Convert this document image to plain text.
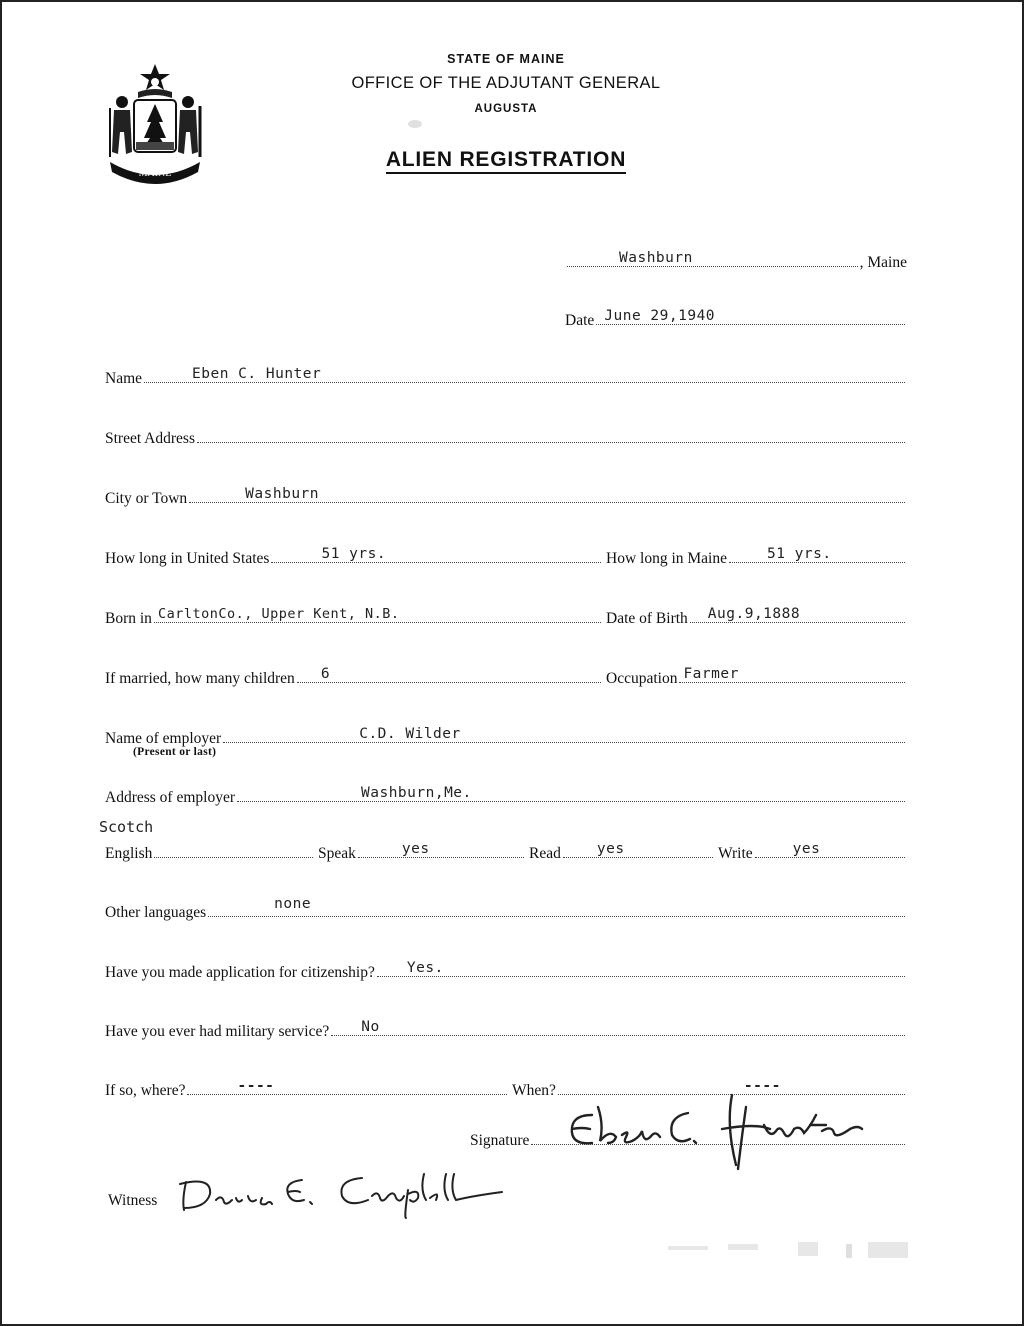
MAINE
STATE OF MAINE
OFFICE OF THE ADJUTANT GENERAL
AUGUSTA
ALIEN REGISTRATION
Washburn	, Maine
Date June 29,1940
Name	Eben C. Hunter
Street Address
City or Town	Washburn
How long in United States	51 yrs.	How long in Maine	51 yrs.
Born in CarltonCo., Upper Kent, N.B.	Date of Birth Aug.9,1888
If married, how many children 6	Occupation Farmer
Name of employer	C.D. Wilder
(Present or last)
Address of employer	Washburn,Me.
Scotch
English	Speak	yes	Read yes	Write	yes
Other languages	none
Have you made application for citizenship? Yes.
Have you ever had military service? No
If so, where?	----	When?	----
Signature
Witness
